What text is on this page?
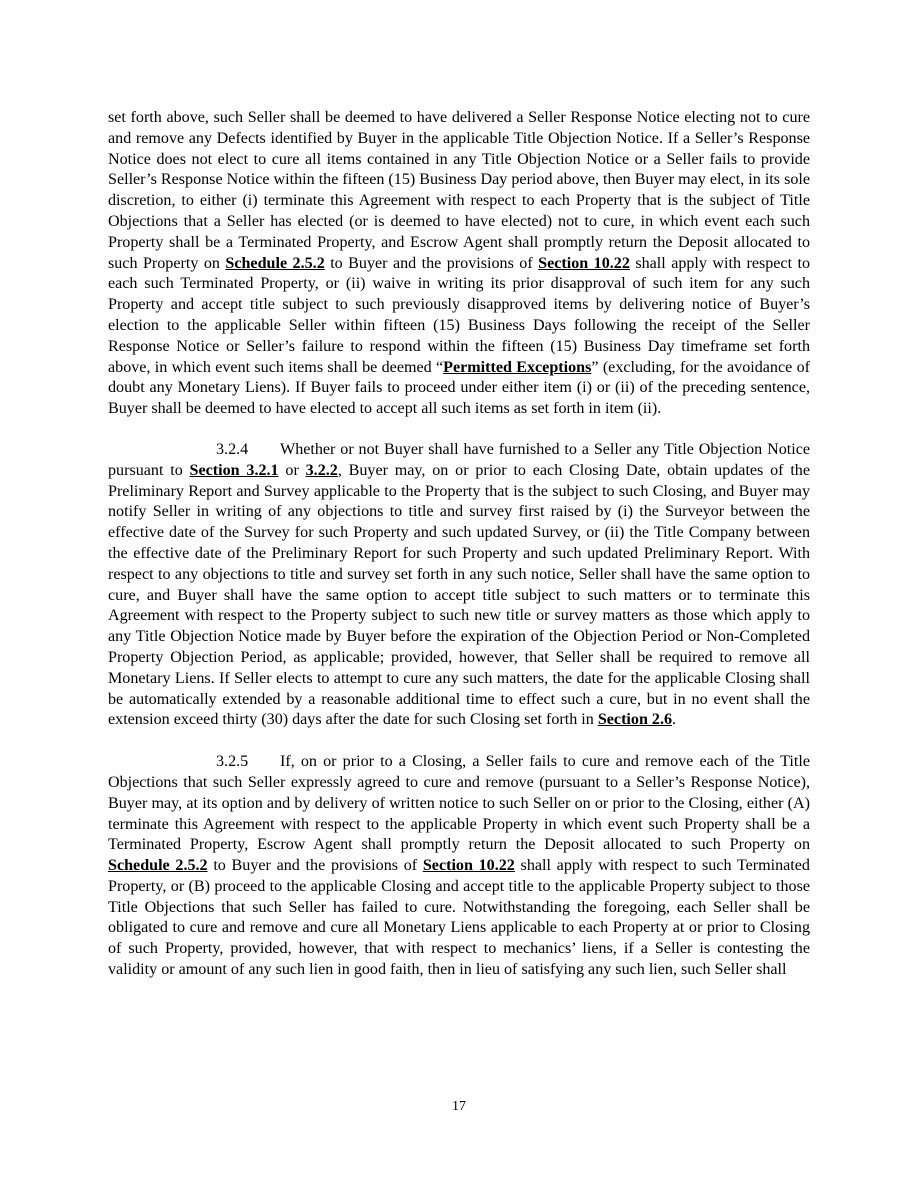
set forth above, such Seller shall be deemed to have delivered a Seller Response Notice electing not to cure and remove any Defects identified by Buyer in the applicable Title Objection Notice. If a Seller’s Response Notice does not elect to cure all items contained in any Title Objection Notice or a Seller fails to provide Seller’s Response Notice within the fifteen (15) Business Day period above, then Buyer may elect, in its sole discretion, to either (i) terminate this Agreement with respect to each Property that is the subject of Title Objections that a Seller has elected (or is deemed to have elected) not to cure, in which event each such Property shall be a Terminated Property, and Escrow Agent shall promptly return the Deposit allocated to such Property on Schedule 2.5.2 to Buyer and the provisions of Section 10.22 shall apply with respect to each such Terminated Property, or (ii) waive in writing its prior disapproval of such item for any such Property and accept title subject to such previously disapproved items by delivering notice of Buyer’s election to the applicable Seller within fifteen (15) Business Days following the receipt of the Seller Response Notice or Seller’s failure to respond within the fifteen (15) Business Day timeframe set forth above, in which event such items shall be deemed “Permitted Exceptions” (excluding, for the avoidance of doubt any Monetary Liens). If Buyer fails to proceed under either item (i) or (ii) of the preceding sentence, Buyer shall be deemed to have elected to accept all such items as set forth in item (ii).

3.2.4 Whether or not Buyer shall have furnished to a Seller any Title Objection Notice pursuant to Section 3.2.1 or 3.2.2, Buyer may, on or prior to each Closing Date, obtain updates of the Preliminary Report and Survey applicable to the Property that is the subject to such Closing, and Buyer may notify Seller in writing of any objections to title and survey first raised by (i) the Surveyor between the effective date of the Survey for such Property and such updated Survey, or (ii) the Title Company between the effective date of the Preliminary Report for such Property and such updated Preliminary Report. With respect to any objections to title and survey set forth in any such notice, Seller shall have the same option to cure, and Buyer shall have the same option to accept title subject to such matters or to terminate this Agreement with respect to the Property subject to such new title or survey matters as those which apply to any Title Objection Notice made by Buyer before the expiration of the Objection Period or Non-Completed Property Objection Period, as applicable; provided, however, that Seller shall be required to remove all Monetary Liens. If Seller elects to attempt to cure any such matters, the date for the applicable Closing shall be automatically extended by a reasonable additional time to effect such a cure, but in no event shall the extension exceed thirty (30) days after the date for such Closing set forth in Section 2.6.

3.2.5 If, on or prior to a Closing, a Seller fails to cure and remove each of the Title Objections that such Seller expressly agreed to cure and remove (pursuant to a Seller’s Response Notice), Buyer may, at its option and by delivery of written notice to such Seller on or prior to the Closing, either (A) terminate this Agreement with respect to the applicable Property in which event such Property shall be a Terminated Property, Escrow Agent shall promptly return the Deposit allocated to such Property on Schedule 2.5.2 to Buyer and the provisions of Section 10.22 shall apply with respect to such Terminated Property, or (B) proceed to the applicable Closing and accept title to the applicable Property subject to those Title Objections that such Seller has failed to cure. Notwithstanding the foregoing, each Seller shall be obligated to cure and remove and cure all Monetary Liens applicable to each Property at or prior to Closing of such Property, provided, however, that with respect to mechanics’ liens, if a Seller is contesting the validity or amount of any such lien in good faith, then in lieu of satisfying any such lien, such Seller shall

17
